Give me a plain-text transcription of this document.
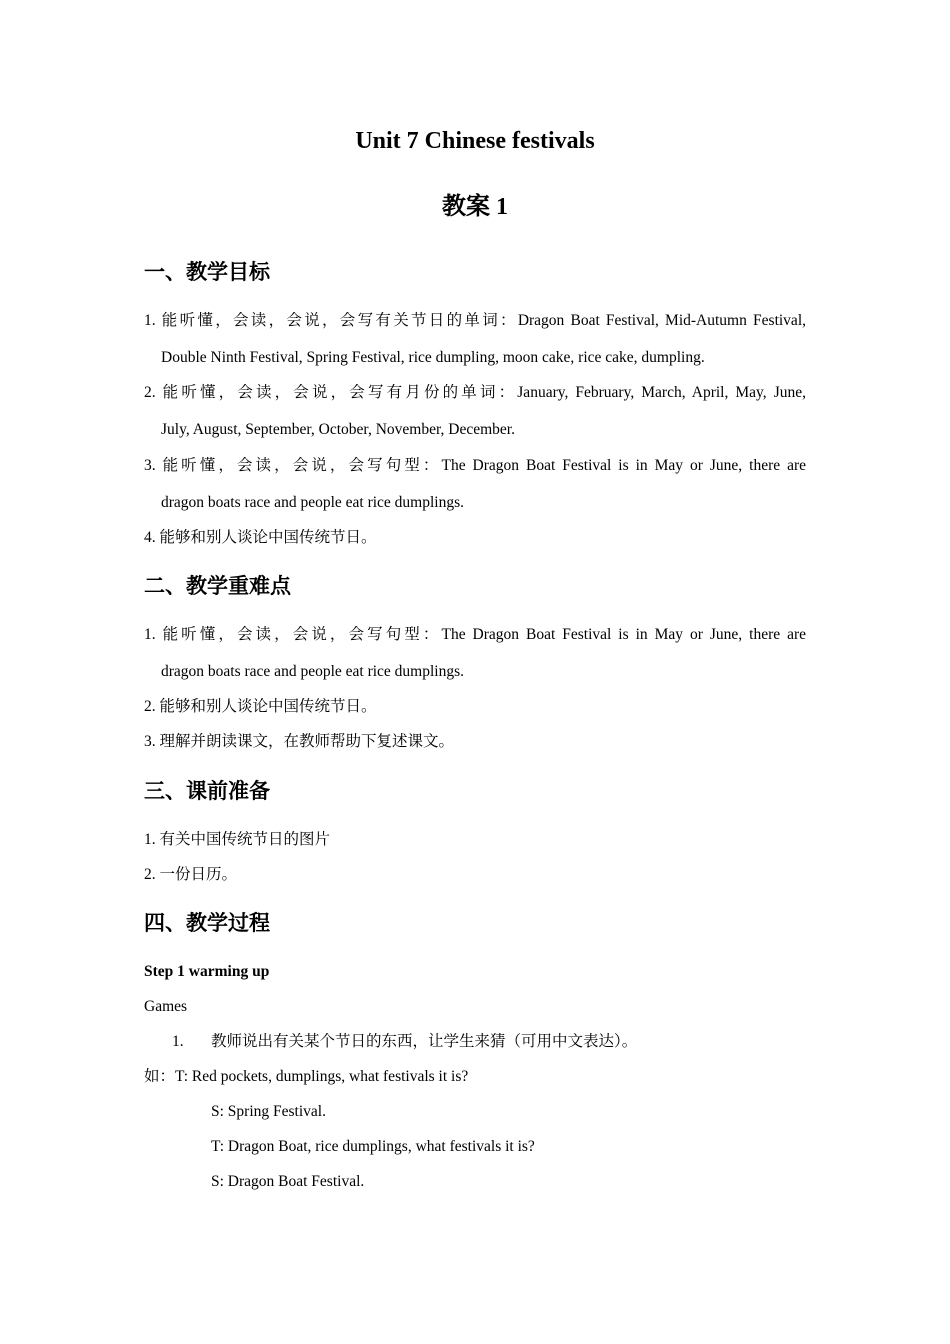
Unit 7 Chinese festivals
教案 1
一、教学目标
1. 能听懂，会读，会说，会写有关节日的单词：Dragon Boat Festival, Mid-Autumn Festival,
Double Ninth Festival, Spring Festival, rice dumpling, moon cake, rice cake, dumpling.
2. 能听懂，会读，会说，会写有月份的单词：January, February, March, April, May, June,
July, August, September, October, November, December.
3. 能听懂，会读，会说，会写句型：The Dragon Boat Festival is in May or June, there are
dragon boats race and people eat rice dumplings.
4. 能够和别人谈论中国传统节日。
二、教学重难点
1. 能听懂，会读，会说，会写句型：The Dragon Boat Festival is in May or June, there are
dragon boats race and people eat rice dumplings.
2. 能够和别人谈论中国传统节日。
3. 理解并朗读课文，在教师帮助下复述课文。
三、课前准备
1. 有关中国传统节日的图片
2. 一份日历。
四、教学过程
Step 1 warming up
Games
1.	教师说出有关某个节日的东西，让学生来猜（可用中文表达）。
如：T: Red pockets, dumplings, what festivals it is?
S: Spring Festival.
T: Dragon Boat, rice dumplings, what festivals it is?
S: Dragon Boat Festival.
